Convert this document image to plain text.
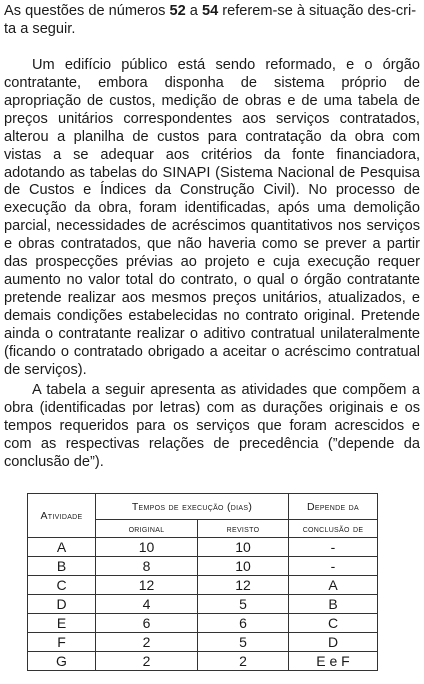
As questões de números 52 a 54 referem-se à situação des-crita a seguir.

Um edifício público está sendo reformado, e o órgão contratante, embora disponha de sistema próprio de apropriação de custos, medição de obras e de uma tabela de preços unitários correspondentes aos serviços contratados, alterou a planilha de custos para contratação da obra com vistas a se adequar aos critérios da fonte financiadora, adotando as tabelas do SINAPI (Sistema Nacional de Pesquisa de Custos e Índices da Construção Civil). No processo de execução da obra, foram identificadas, após uma demolição parcial, necessidades de acréscimos quantitativos nos serviços e obras contratados, que não haveria como se prever a partir das prospecções prévias ao projeto e cuja execução requer aumento no valor total do contrato, o qual o órgão contratante pretende realizar aos mesmos preços unitários, atualizados, e demais condições estabelecidas no contrato original. Pretende ainda o contratante realizar o aditivo contratual unilateralmente (ficando o contratado obrigado a aceitar o acréscimo contratual de serviços).

A tabela a seguir apresenta as atividades que compõem a obra (identificadas por letras) com as durações originais e os tempos requeridos para os serviços que foram acrescidos e com as respectivas relações de precedência (”depende da conclusão de”).

Atividade	Tempos de execução (dias)		Depende da
	original	revisto	conclusão de
A	10	10	-
B	8	10	-
C	12	12	A
D	4	5	B
E	6	6	C
F	2	5	D
G	2	2	E e F
